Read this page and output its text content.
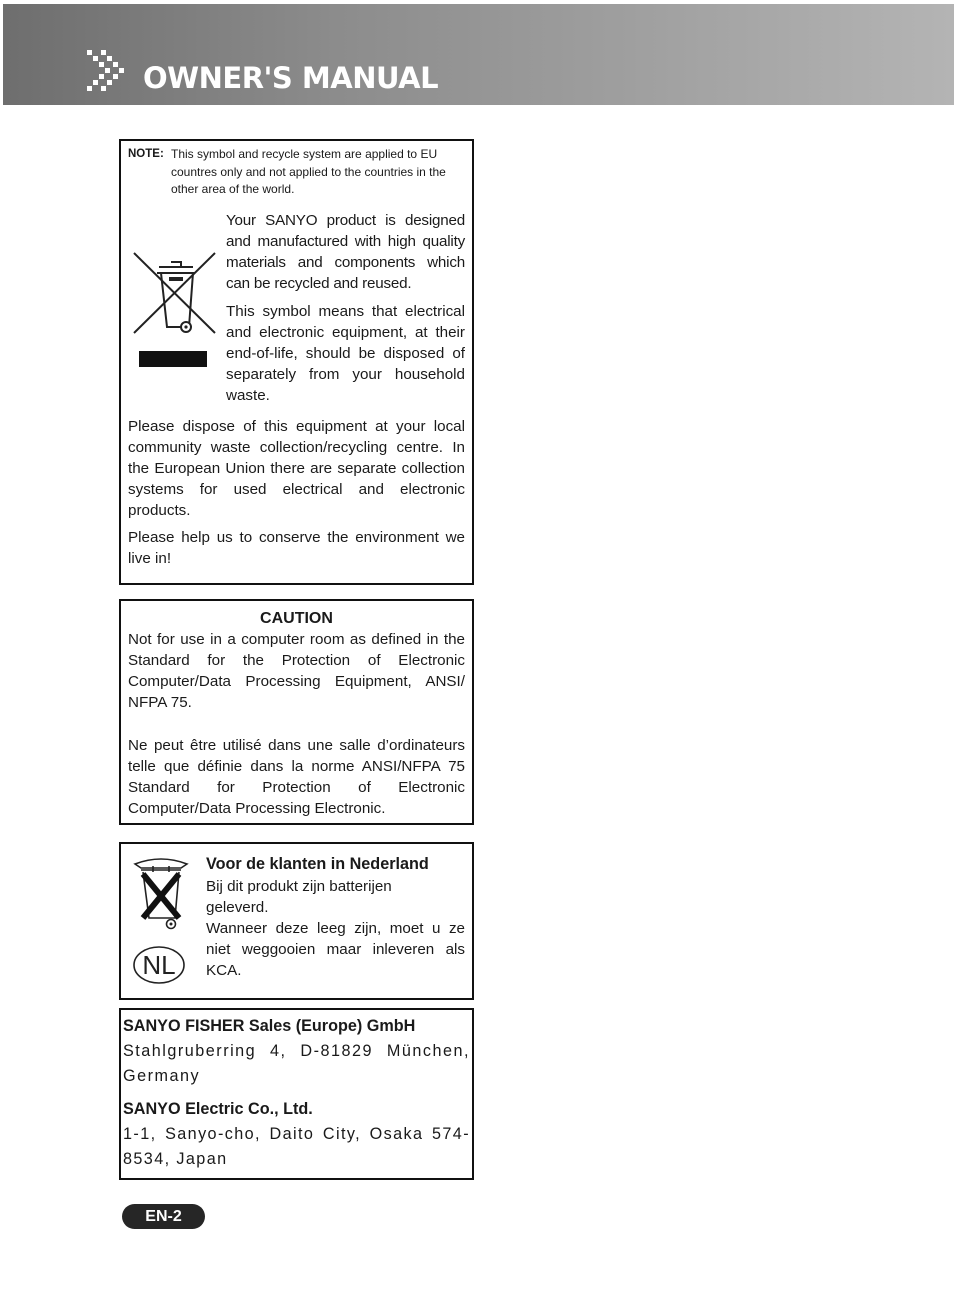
OWNER'S MANUAL
NOTE: This symbol and recycle system are applied to EU countres only and not applied to the countries in the other area of the world.
Your SANYO product is designed and manufactured with high quality materials and components which can be recycled and reused.
This symbol means that electrical and electronic equipment, at their end-of-life, should be disposed of separately from your household waste.
Please dispose of this equipment at your local community waste collection/recycling centre. In the European Union there are separate collection systems for used electrical and electronic products.
Please help us to conserve the environment we live in!
CAUTION
Not for use in a computer room as defined in the Standard for the Protection of Electronic Computer/Data Processing Equipment, ANSI/ NFPA 75.
Ne peut être utilisé dans une salle d’ordinateurs telle que définie dans la norme ANSI/NFPA 75 Standard for Protection of Electronic Computer/Data Processing Electronic.
NL
Voor de klanten in Nederland
Bij dit produkt zijn batterijen geleverd.
Wanneer deze leeg zijn, moet u ze niet weggooien maar inleveren als KCA.
SANYO FISHER Sales (Europe) GmbH
Stahlgruberring 4, D-81829 München, Germany
SANYO Electric Co., Ltd.
1-1, Sanyo-cho, Daito City, Osaka 574-8534, Japan
EN-2
